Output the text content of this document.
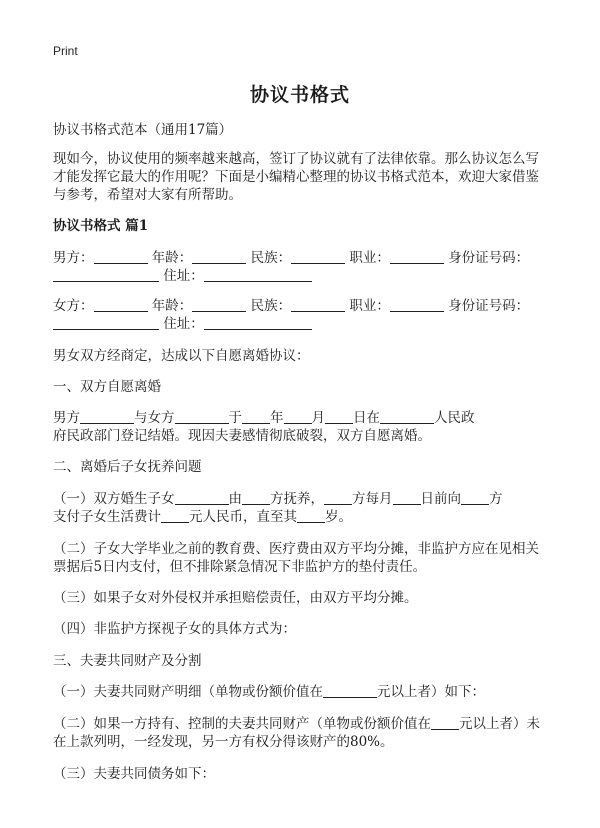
Print
协议书格式
协议书格式范本（通用17篇）
现如今，协议使用的频率越来越高，签订了协议就有了法律依靠。那么协议怎么写
才能发挥它最大的作用呢？下面是小编精心整理的协议书格式范本，欢迎大家借鉴
与参考，希望对大家有所帮助。
协议书格式 篇1
男方：	年龄：	民族：	职业：	身份证号码：
住址：
女方：	年龄：	民族：	职业：	身份证号码：
住址：
男女双方经商定，达成以下自愿离婚协议：
一、双方自愿离婚
男方	与女方	于 年 月 日在	人民政
府民政部门登记结婚。现因夫妻感情彻底破裂，双方自愿离婚。
二、离婚后子女抚养问题
（一）双方婚生子女	由 方抚养， 方每月 日前向 方
支付子女生活费计 元人民币，直至其 岁。
（二）子女大学毕业之前的教育费、医疗费由双方平均分摊，非监护方应在见相关
票据后5日内支付，但不排除紧急情况下非监护方的垫付责任。
（三）如果子女对外侵权并承担赔偿责任，由双方平均分摊。
（四）非监护方探视子女的具体方式为：
三、夫妻共同财产及分割
（一）夫妻共同财产明细（单物或份额价值在	元以上者）如下：
（二）如果一方持有、控制的夫妻共同财产（单物或份额价值在 元以上者）未
在上款列明，一经发现，另一方有权分得该财产的80%。
（三）夫妻共同债务如下：
